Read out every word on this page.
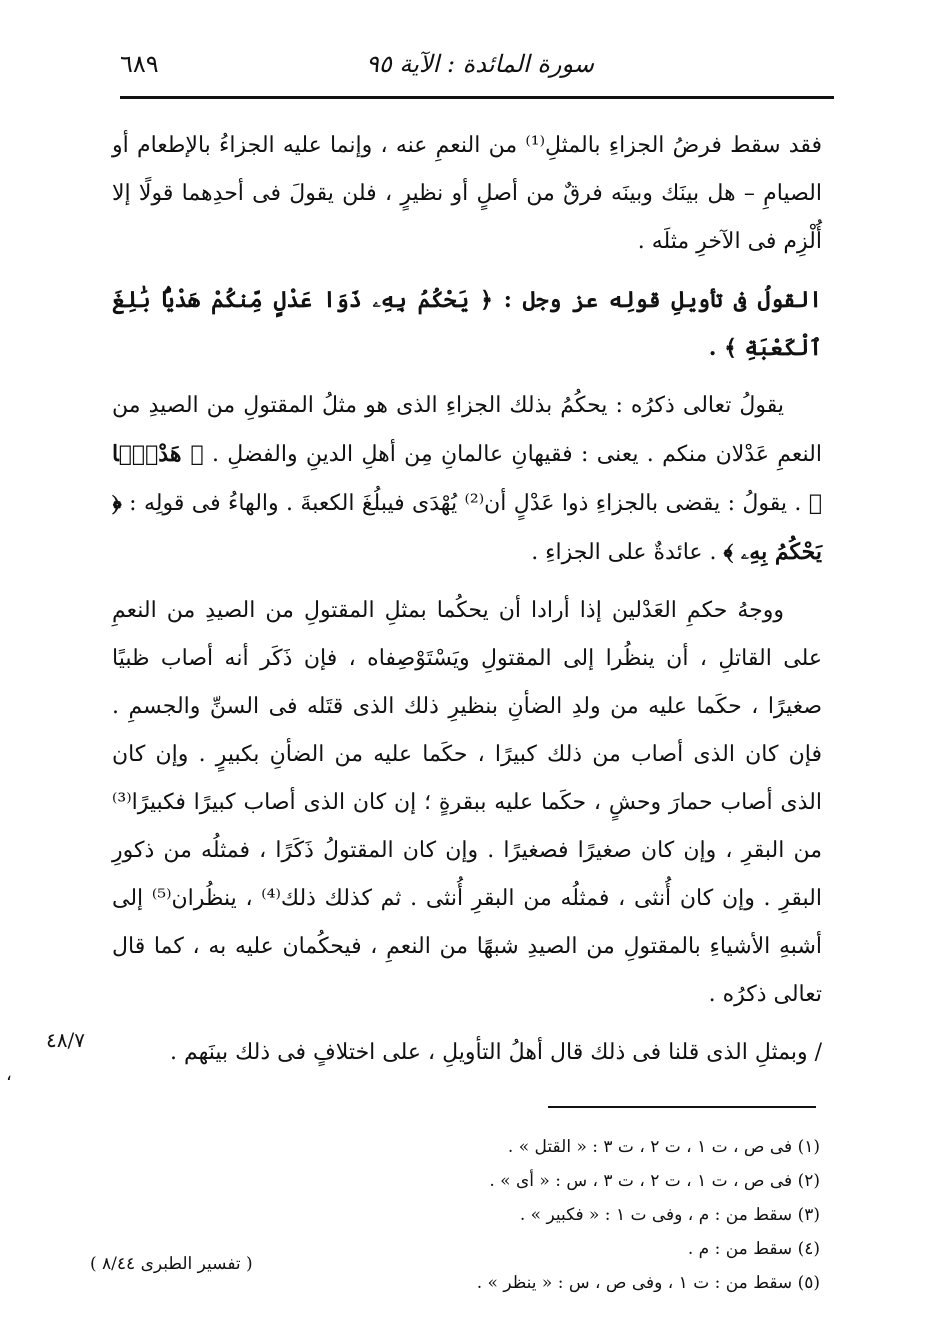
سورة المائدة : الآية ٩٥
٦٨٩

فقد سقط فرضُ الجزاءِ بالمثلِ⁽¹⁾ من النعمِ عنه ، وإنما عليه الجزاءُ بالإطعام أو الصيامِ – هل بينَك وبينَه فرقٌ من أصلٍ أو نظيرٍ ، فلن يقولَ فى أحدِهما قولًا إلا أُلْزِم فى الآخرِ مثلَه .

القولُ فى تأويلِ قولِه عز وجل : ﴿ يَحْكُمُ بِهِۦ ذَوَا عَدْلٍ مِّنكُمْ هَدْيًۢا بَٰلِغَ ٱلْكَعْبَةِ ﴾ .

يقولُ تعالى ذكرُه : يحكُمُ بذلك الجزاءِ الذى هو مثلُ المقتولِ من الصيدِ من النعمِ عَدْلان منكم . يعنى : فقيهانِ عالمانِ مِن أهلِ الدينِ والفضلِ . ﴿ هَدْيًۢا ﴾ . يقولُ : يقضى بالجزاءِ ذوا عَدْلٍ أن⁽²⁾ يُهْدَى فيبلُغَ الكعبةَ . والهاءُ فى قولِه : ﴿ يَحْكُمُ بِهِۦ ﴾ . عائدةٌ على الجزاءِ .

ووجهُ حكمِ العَدْلين إذا أرادا أن يحكُما بمثلِ المقتولِ من الصيدِ من النعمِ على القاتلِ ، أن ينظُرا إلى المقتولِ ويَسْتَوْصِفاه ، فإن ذَكَر أنه أصاب ظبيًا صغيرًا ، حكَما عليه من ولدِ الضأنِ بنظيرِ ذلك الذى قتَله فى السنِّ والجسمِ . فإن كان الذى أصاب من ذلك كبيرًا ، حكَما عليه من الضأنِ بكبيرٍ . وإن كان الذى أصاب حمارَ وحشٍ ، حكَما عليه ببقرةٍ ؛ إن كان الذى أصاب كبيرًا فكبيرًا⁽³⁾ من البقرِ ، وإن كان صغيرًا فصغيرًا . وإن كان المقتولُ ذَكَرًا ، فمثلُه من ذكورِ البقرِ . وإن كان أُنثى ، فمثلُه من البقرِ أُنثى . ثم كذلك ذلك⁽⁴⁾ ، ينظُران⁽⁵⁾ إلى أشبهِ الأشياءِ بالمقتولِ من الصيدِ شبهًا من النعمِ ، فيحكُمان عليه به ، كما قال تعالى ذكرُه .

/ وبمثلِ الذى قلنا فى ذلك قال أهلُ التأويلِ ، على اختلافٍ فى ذلك بينَهم .

٤٨/٧
،
(١) فى ص ، ت ١ ، ت ٢ ، ت ٣ : « القتل » .
(٢) فى ص ، ت ١ ، ت ٢ ، ت ٣ ، س : « أى » .
(٣) سقط من : م ، وفى ت ١ : « فكبير » .
(٤) سقط من : م .
(٥) سقط من : ت ١ ، وفى ص ، س : « ينظر » .
( تفسير الطبرى ٨/٤٤ )
